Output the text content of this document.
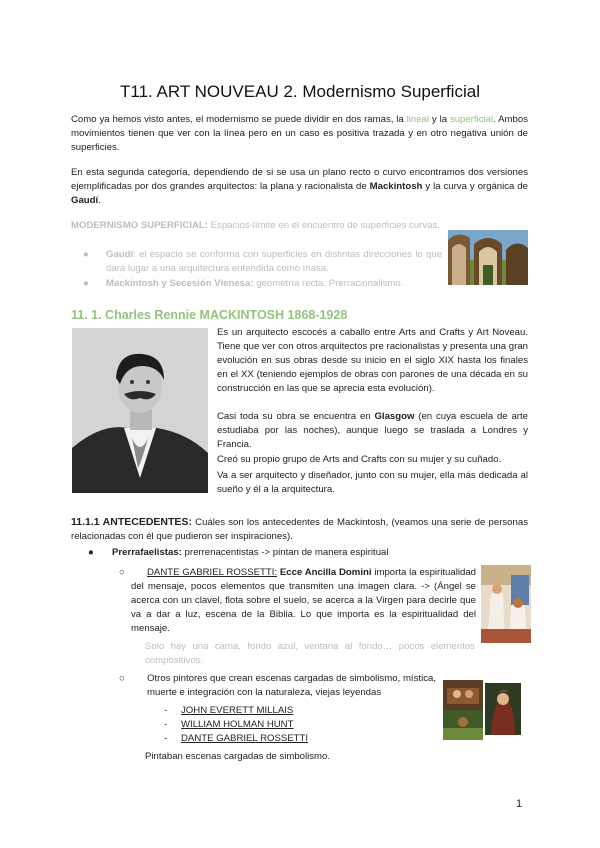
T11. ART NOUVEAU 2. Modernismo Superficial
Como ya hemos visto antes, el modernismo se puede dividir en dos ramas, la lineal y la superficial. Ambos movimientos tienen que ver con la línea pero en un caso es positiva trazada y en otro negativa unión de superficies.
En esta segunda categoría, dependiendo de si se usa un plano recto o curvo encontramos dos versiones ejemplificadas por dos grandes arquitectos: la plana y racionalista de Mackintosh y la curva y orgánica de Gaudí.
MODERNISMO SUPERFICIAL: Espacios-límite en el encuentro de superficies curvas.
●	Gaudí: el espacio se conforma con superficies en distintas direcciones lo que dará lugar a una arquitectura entendida como masa.
●	Mackintosh y Secesión Vienesa: geometría recta. Prerracionalismo.
11. 1. Charles Rennie MACKINTOSH 1868-1928
Es un arquitecto escocés a caballo entre Arts and Crafts y Art Noveau. Tiene que ver con otros arquitectos pre racionalistas y presenta una gran evolución en sus obras desde su inicio en el siglo XIX hasta los finales en el XX (teniendo ejemplos de obras con parones de una década en su construcción en las que se aprecia esta evolución).
Casi toda su obra se encuentra en Glasgow (en cuya escuela de arte estudiaba por las noches), aunque luego se traslada a Londres y Francia.
Creó su propio grupo de Arts and Crafts con su mujer y su cuñado.
Va a ser arquitecto y diseñador, junto con su mujer, ella más dedicada al sueño y él a la arquitectura.
11.1.1 ANTECEDENTES: Cuáles son los antecedentes de Mackintosh, (veamos una serie de personas relacionadas con él que pudieron ser inspiraciones).
●	Prerrafaelistas: prerrenacentistas -> pintan de manera espiritual
○ DANTE GABRIEL ROSSETTI: Ecce Ancilla Domini importa la espiritualidad del mensaje, pocos elementos que transmiten una imagen clara. -> (Ángel se acerca con un clavel, flota sobre el suelo, se acerca a la Virgen para decirle que va a dar a luz, escena de la Biblia. Lo que importa es la espiritualidad del mensaje.
Solo hay una cama, fondo azul, ventana al fondo… pocos elementos compositivos.
○	Otros pintores que crean escenas cargadas de simbolismo, mística, muerte e integración con la naturaleza, viejas leyendas
- JOHN EVERETT MILLAIS
- WILLIAM HOLMAN HUNT
- DANTE GABRIEL ROSSETTI
Pintaban escenas cargadas de simbolismo.
1
